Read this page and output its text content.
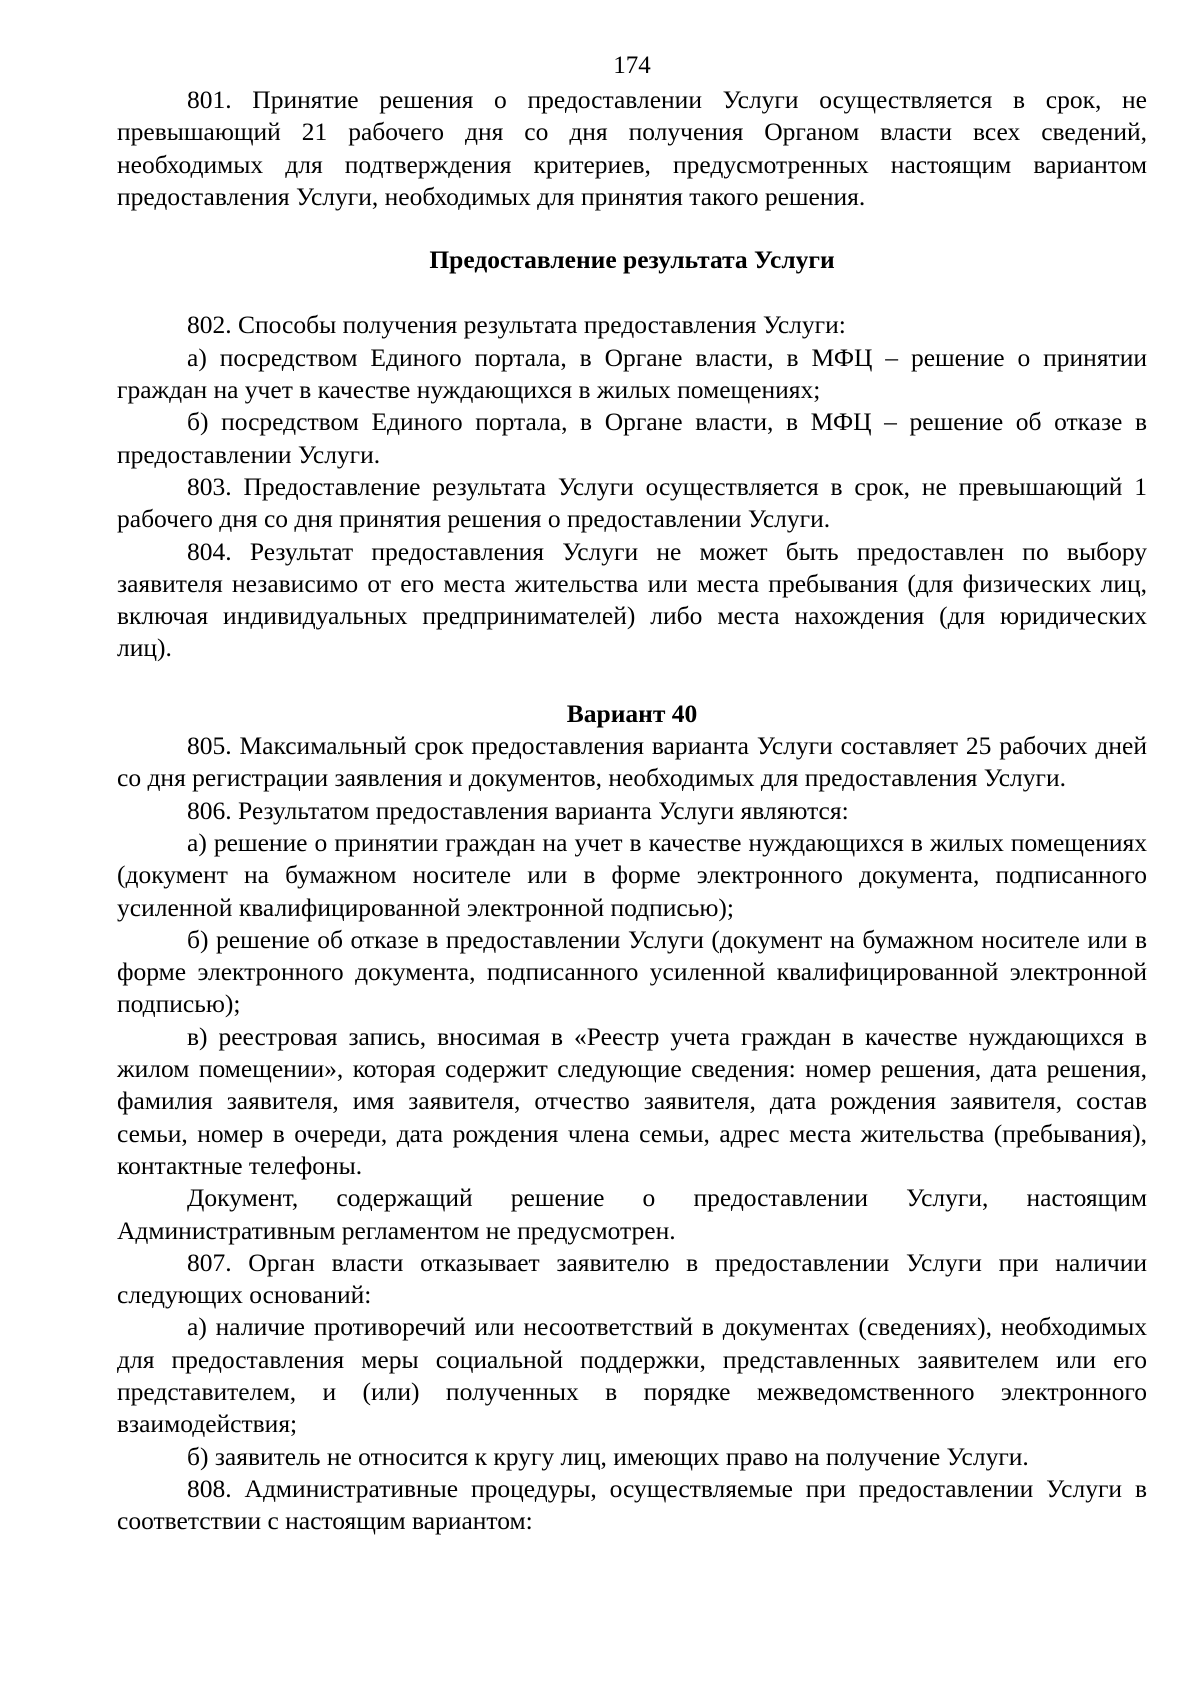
174

801. Принятие решения о предоставлении Услуги осуществляется в срок, не превышающий 21 рабочего дня со дня получения Органом власти всех сведений, необходимых для подтверждения критериев, предусмотренных настоящим вариантом предоставления Услуги, необходимых для принятия такого решения.

Предоставление результата Услуги

802. Способы получения результата предоставления Услуги:

а) посредством Единого портала, в Органе власти, в МФЦ – решение о принятии граждан на учет в качестве нуждающихся в жилых помещениях;

б) посредством Единого портала, в Органе власти, в МФЦ – решение об отказе в предоставлении Услуги.

803. Предоставление результата Услуги осуществляется в срок, не превышающий 1 рабочего дня со дня принятия решения о предоставлении Услуги.

804. Результат предоставления Услуги не может быть предоставлен по выбору заявителя независимо от его места жительства или места пребывания (для физических лиц, включая индивидуальных предпринимателей) либо места нахождения (для юридических лиц).

Вариант 40

805. Максимальный срок предоставления варианта Услуги составляет 25 рабочих дней со дня регистрации заявления и документов, необходимых для предоставления Услуги.

806. Результатом предоставления варианта Услуги являются:

а) решение о принятии граждан на учет в качестве нуждающихся в жилых помещениях (документ на бумажном носителе или в форме электронного документа, подписанного усиленной квалифицированной электронной подписью);

б) решение об отказе в предоставлении Услуги (документ на бумажном носителе или в форме электронного документа, подписанного усиленной квалифицированной электронной подписью);

в) реестровая запись, вносимая в «Реестр учета граждан в качестве нуждающихся в жилом помещении», которая содержит следующие сведения: номер решения, дата решения, фамилия заявителя, имя заявителя, отчество заявителя, дата рождения заявителя, состав семьи, номер в очереди, дата рождения члена семьи, адрес места жительства (пребывания), контактные телефоны.

Документ, содержащий решение о предоставлении Услуги, настоящим Административным регламентом не предусмотрен.

807. Орган власти отказывает заявителю в предоставлении Услуги при наличии следующих оснований:

а) наличие противоречий или несоответствий в документах (сведениях), необходимых для предоставления меры социальной поддержки, представленных заявителем или его представителем, и (или) полученных в порядке межведомственного электронного взаимодействия;

б) заявитель не относится к кругу лиц, имеющих право на получение Услуги.

808. Административные процедуры, осуществляемые при предоставлении Услуги в соответствии с настоящим вариантом:
